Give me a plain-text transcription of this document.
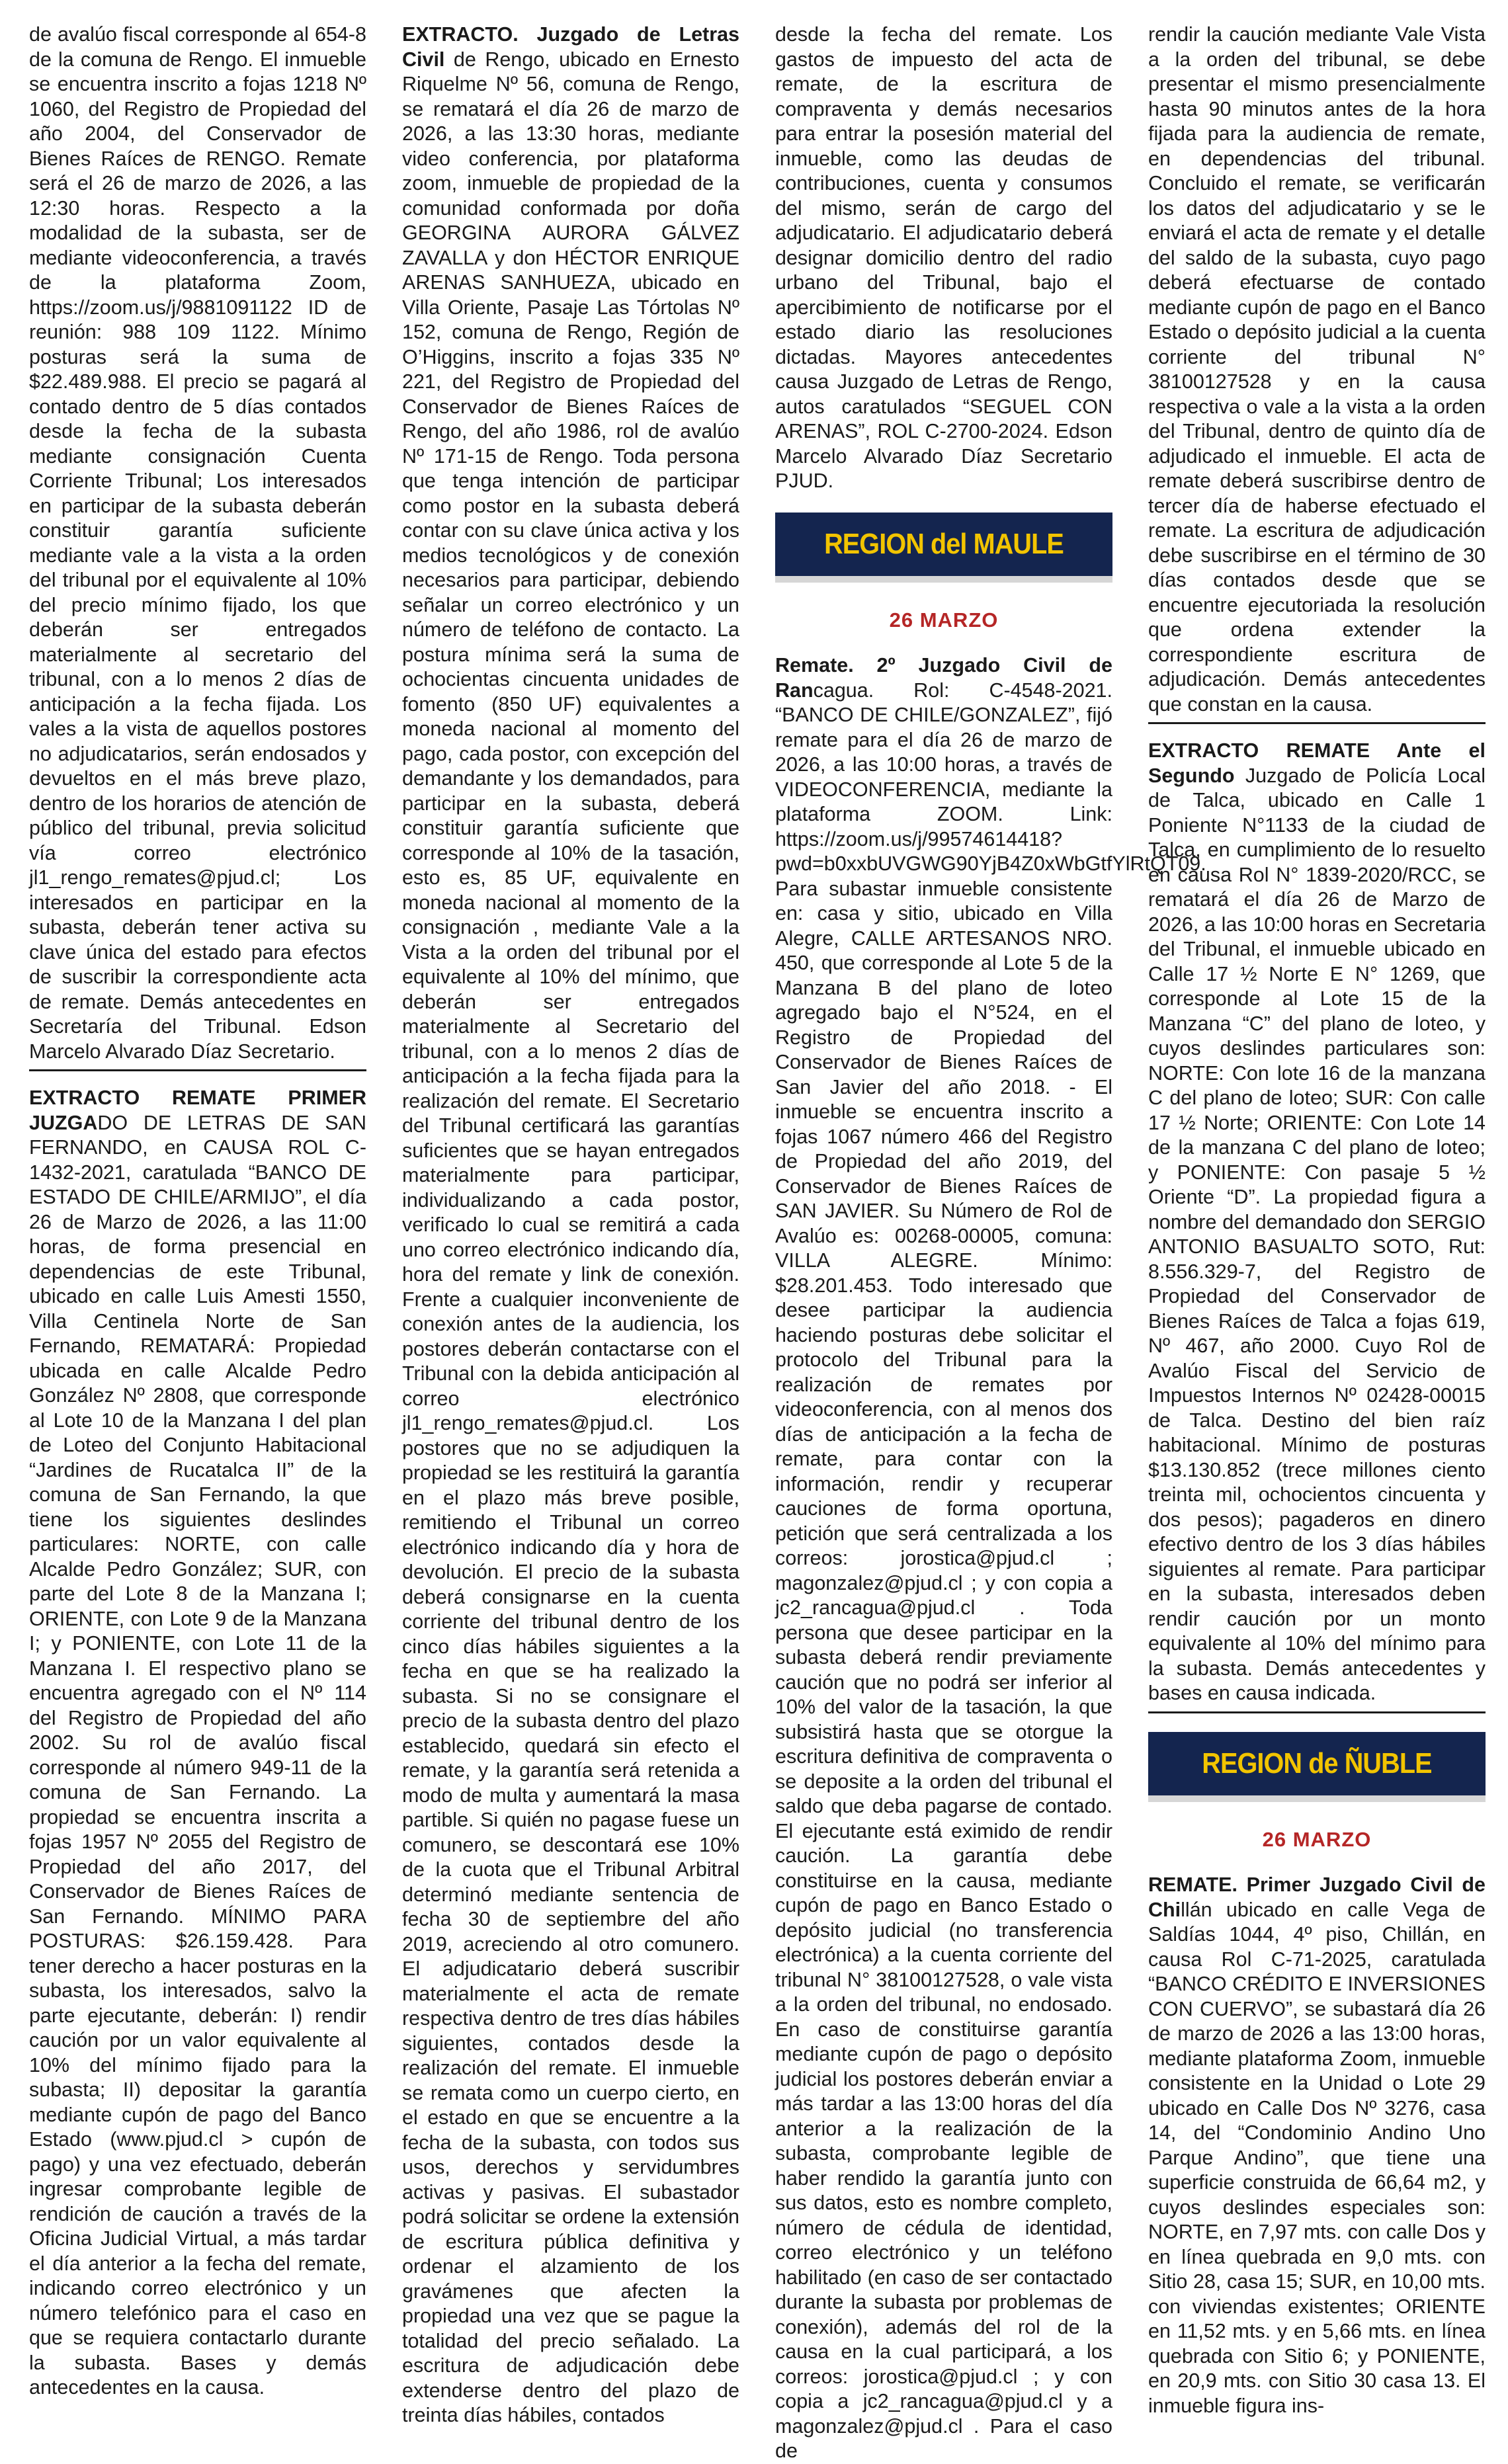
de avalúo fiscal corresponde al 654-8 de la comuna de Rengo. El inmueble se encuentra inscrito a fojas 1218 Nº 1060, del Registro de Propiedad del año 2004, del Conservador de Bienes Raíces de RENGO. Remate será el 26 de marzo de 2026, a las 12:30 horas. Respecto a la modalidad de la subasta, ser de mediante videoconferencia, a través de la plataforma Zoom, https://zoom.us/j/9881091122 ID de reunión: 988 109 1122. Mínimo posturas será la suma de $22.489.988. El precio se pagará al contado dentro de 5 días contados desde la fecha de la subasta mediante consignación Cuenta Corriente Tribunal; Los interesados en participar de la subasta deberán constituir garantía suficiente mediante vale a la vista a la orden del tribunal por el equivalente al 10% del precio mínimo fijado, los que deberán ser entregados materialmente al secretario del tribunal, con a lo menos 2 días de anticipación a la fecha fijada. Los vales a la vista de aquellos postores no adjudicatarios, serán endosados y devueltos en el más breve plazo, dentro de los horarios de atención de público del tribunal, previa solicitud vía correo electrónico jl1_rengo_remates@pjud.cl; Los interesados en participar en la subasta, deberán tener activa su clave única del estado para efectos de suscribir la correspondiente acta de remate. Demás antecedentes en Secretaría del Tribunal. Edson Marcelo Alvarado Díaz Secretario.

EXTRACTO REMATE PRIMER JUZGADO DE LETRAS DE SAN FERNANDO, en CAUSA ROL C-1432-2021, caratulada “BANCO DE ESTADO DE CHILE/ARMIJO”, el día 26 de Marzo de 2026, a las 11:00 horas, de forma presencial en dependencias de este Tribunal, ubicado en calle Luis Amesti 1550, Villa Centinela Norte de San Fernando, REMATARÁ: Propiedad ubicada en calle Alcalde Pedro González Nº 2808, que corresponde al Lote 10 de la Manzana I del plan de Loteo del Conjunto Habitacional “Jardines de Rucatalca II” de la comuna de San Fernando, la que tiene los siguientes deslindes particulares: NORTE, con calle Alcalde Pedro González; SUR, con parte del Lote 8 de la Manzana I; ORIENTE, con Lote 9 de la Manzana I; y PONIENTE, con Lote 11 de la Manzana I. El respectivo plano se encuentra agregado con el Nº 114 del Registro de Propiedad del año 2002. Su rol de avalúo fiscal corresponde al número 949-11 de la comuna de San Fernando. La propiedad se encuentra inscrita a fojas 1957 Nº 2055 del Registro de Propiedad del año 2017, del Conservador de Bienes Raíces de San Fernando. MÍNIMO PARA POSTURAS: $26.159.428. Para tener derecho a hacer posturas en la subasta, los interesados, salvo la parte ejecutante, deberán: I) rendir caución por un valor equivalente al 10% del mínimo fijado para la subasta; II) depositar la garantía mediante cupón de pago del Banco Estado (www.pjud.cl > cupón de pago) y una vez efectuado, deberán ingresar comprobante legible de rendición de caución a través de la Oficina Judicial Virtual, a más tardar el día anterior a la fecha del remate, indicando correo electrónico y un número telefónico para el caso en que se requiera contactarlo durante la subasta. Bases y demás antecedentes en la causa.

EXTRACTO. Juzgado de Letras Civil de Rengo, ubicado en Ernesto Riquelme Nº 56, comuna de Rengo, se rematará el día 26 de marzo de 2026, a las 13:30 horas, mediante video conferencia, por plataforma zoom, inmueble de propiedad de la comunidad conformada por doña GEORGINA AURORA GÁLVEZ ZAVALLA y don HÉCTOR ENRIQUE ARENAS SANHUEZA, ubicado en Villa Oriente, Pasaje Las Tórtolas Nº 152, comuna de Rengo, Región de O’Higgins, inscrito a fojas 335 Nº 221, del Registro de Propiedad del Conservador de Bienes Raíces de Rengo, del año 1986, rol de avalúo Nº 171-15 de Rengo. Toda persona que tenga intención de participar como postor en la subasta deberá contar con su clave única activa y los medios tecnológicos y de conexión necesarios para participar, debiendo señalar un correo electrónico y un número de teléfono de contacto. La postura mínima será la suma de ochocientas cincuenta unidades de fomento (850 UF) equivalentes a moneda nacional al momento del pago, cada postor, con excepción del demandante y los demandados, para participar en la subasta, deberá constituir garantía suficiente que corresponde al 10% de la tasación, esto es, 85 UF, equivalente en moneda nacional al momento de la consignación , mediante Vale a la Vista a la orden del tribunal por el equivalente al 10% del mínimo, que deberán ser entregados materialmente al Secretario del tribunal, con a lo menos 2 días de anticipación a la fecha fijada para la realización del remate. El Secretario del Tribunal certificará las garantías suficientes que se hayan entregados materialmente para participar, individualizando a cada postor, verificado lo cual se remitirá a cada uno correo electrónico indicando día, hora del remate y link de conexión. Frente a cualquier inconveniente de conexión antes de la audiencia, los postores deberán contactarse con el Tribunal con la debida anticipación al correo electrónico jl1_rengo_remates@pjud.cl. Los postores que no se adjudiquen la propiedad se les restituirá la garantía en el plazo más breve posible, remitiendo el Tribunal un correo electrónico indicando día y hora de devolución. El precio de la subasta deberá consignarse en la cuenta corriente del tribunal dentro de los cinco días hábiles siguientes a la fecha en que se ha realizado la subasta. Si no se consignare el precio de la subasta dentro del plazo establecido, quedará sin efecto el remate, y la garantía será retenida a modo de multa y aumentará la masa partible. Si quién no pagase fuese un comunero, se descontará ese 10% de la cuota que el Tribunal Arbitral determinó mediante sentencia de fecha 30 de septiembre del año 2019, acreciendo al otro comunero. El adjudicatario deberá suscribir materialmente el acta de remate respectiva dentro de tres días hábiles siguientes, contados desde la realización del remate. El inmueble se remata como un cuerpo cierto, en el estado en que se encuentre a la fecha de la subasta, con todos sus usos, derechos y servidumbres activas y pasivas. El subastador podrá solicitar se ordene la extensión de escritura pública definitiva y ordenar el alzamiento de los gravámenes que afecten la propiedad una vez que se pague la totalidad del precio señalado. La escritura de adjudicación debe extenderse dentro del plazo de treinta días hábiles, contados

desde la fecha del remate. Los gastos de impuesto del acta de remate, de la escritura de compraventa y demás necesarios para entrar la posesión material del inmueble, como las deudas de contribuciones, cuenta y consumos del mismo, serán de cargo del adjudicatario. El adjudicatario deberá designar domicilio dentro del radio urbano del Tribunal, bajo el apercibimiento de notificarse por el estado diario las resoluciones dictadas. Mayores antecedentes causa Juzgado de Letras de Rengo, autos caratulados “SEGUEL CON ARENAS”, ROL C-2700-2024. Edson Marcelo Alvarado Díaz Secretario PJUD.

REGION del MAULE
26 MARZO

Remate. 2º Juzgado Civil de Rancagua. Rol: C-4548-2021. “BANCO DE CHILE/GONZALEZ”, fijó remate para el día 26 de marzo de 2026, a las 10:00 horas, a través de VIDEOCONFERENCIA, mediante la plataforma ZOOM. Link: https://zoom.us/j/99574614418? pwd=b0xxbUVGWG90YjB4Z0xWbGtfYlRtQT09. Para subastar inmueble consistente en: casa y sitio, ubicado en Villa Alegre, CALLE ARTESANOS NRO. 450, que corresponde al Lote 5 de la Manzana B del plano de loteo agregado bajo el N°524, en el Registro de Propiedad del Conservador de Bienes Raíces de San Javier del año 2018. - El inmueble se encuentra inscrito a fojas 1067 número 466 del Registro de Propiedad del año 2019, del Conservador de Bienes Raíces de SAN JAVIER. Su Número de Rol de Avalúo es: 00268-00005, comuna: VILLA ALEGRE. Mínimo: $28.201.453. Todo interesado que desee participar la audiencia haciendo posturas debe solicitar el protocolo del Tribunal para la realización de remates por videoconferencia, con al menos dos días de anticipación a la fecha de remate, para contar con la información, rendir y recuperar cauciones de forma oportuna, petición que será centralizada a los correos: jorostica@pjud.cl ; magonzalez@pjud.cl ; y con copia a jc2_rancagua@pjud.cl . Toda persona que desee participar en la subasta deberá rendir previamente caución que no podrá ser inferior al 10% del valor de la tasación, la que subsistirá hasta que se otorgue la escritura definitiva de compraventa o se deposite a la orden del tribunal el saldo que deba pagarse de contado. El ejecutante está eximido de rendir caución. La garantía debe constituirse en la causa, mediante cupón de pago en Banco Estado o depósito judicial (no transferencia electrónica) a la cuenta corriente del tribunal N° 38100127528, o vale vista a la orden del tribunal, no endosado. En caso de constituirse garantía mediante cupón de pago o depósito judicial los postores deberán enviar a más tardar a las 13:00 horas del día anterior a la realización de la subasta, comprobante legible de haber rendido la garantía junto con sus datos, esto es nombre completo, número de cédula de identidad, correo electrónico y un teléfono habilitado (en caso de ser contactado durante la subasta por problemas de conexión), además del rol de la causa en la cual participará, a los correos: jorostica@pjud.cl ; y con copia a jc2_rancagua@pjud.cl y a magonzalez@pjud.cl . Para el caso de

rendir la caución mediante Vale Vista a la orden del tribunal, se debe presentar el mismo presencialmente hasta 90 minutos antes de la hora fijada para la audiencia de remate, en dependencias del tribunal. Concluido el remate, se verificarán los datos del adjudicatario y se le enviará el acta de remate y el detalle del saldo de la subasta, cuyo pago deberá efectuarse de contado mediante cupón de pago en el Banco Estado o depósito judicial a la cuenta corriente del tribunal N° 38100127528 y en la causa respectiva o vale a la vista a la orden del Tribunal, dentro de quinto día de adjudicado el inmueble. El acta de remate deberá suscribirse dentro de tercer día de haberse efectuado el remate. La escritura de adjudicación debe suscribirse en el término de 30 días contados desde que se encuentre ejecutoriada la resolución que ordena extender la correspondiente escritura de adjudicación. Demás antecedentes que constan en la causa.

EXTRACTO REMATE Ante el Segundo Juzgado de Policía Local de Talca, ubicado en Calle 1 Poniente N°1133 de la ciudad de Talca, en cumplimiento de lo resuelto en causa Rol N° 1839-2020/RCC, se rematará el día 26 de Marzo de 2026, a las 10:00 horas en Secretaria del Tribunal, el inmueble ubicado en Calle 17 ½ Norte E N° 1269, que corresponde al Lote 15 de la Manzana “C” del plano de loteo, y cuyos deslindes particulares son: NORTE: Con lote 16 de la manzana C del plano de loteo; SUR: Con calle 17 ½ Norte; ORIENTE: Con Lote 14 de la manzana C del plano de loteo; y PONIENTE: Con pasaje 5 ½ Oriente “D”. La propiedad figura a nombre del demandado don SERGIO ANTONIO BASUALTO SOTO, Rut: 8.556.329-7, del Registro de Propiedad del Conservador de Bienes Raíces de Talca a fojas 619, Nº 467, año 2000. Cuyo Rol de Avalúo Fiscal del Servicio de Impuestos Internos Nº 02428-00015 de Talca. Destino del bien raíz habitacional. Mínimo de posturas $13.130.852 (trece millones ciento treinta mil, ochocientos cincuenta y dos pesos); pagaderos en dinero efectivo dentro de los 3 días hábiles siguientes al remate. Para participar en la subasta, interesados deben rendir caución por un monto equivalente al 10% del mínimo para la subasta. Demás antecedentes y bases en causa indicada.

REGION de ÑUBLE
26 MARZO

REMATE. Primer Juzgado Civil de Chillán ubicado en calle Vega de Saldías 1044, 4º piso, Chillán, en causa Rol C-71-2025, caratulada “BANCO CRÉDITO E INVERSIONES CON CUERVO”, se subastará día 26 de marzo de 2026 a las 13:00 horas, mediante plataforma Zoom, inmueble consistente en la Unidad o Lote 29 ubicado en Calle Dos Nº 3276, casa 14, del “Condominio Andino Uno Parque Andino”, que tiene una superficie construida de 66,64 m2, y cuyos deslindes especiales son: NORTE, en 7,97 mts. con calle Dos y en línea quebrada en 9,0 mts. con Sitio 28, casa 15; SUR, en 10,00 mts. con viviendas existentes; ORIENTE en 11,52 mts. y en 5,66 mts. en línea quebrada con Sitio 6; y PONIENTE, en 20,9 mts. con Sitio 30 casa 13. El inmueble figura ins-
